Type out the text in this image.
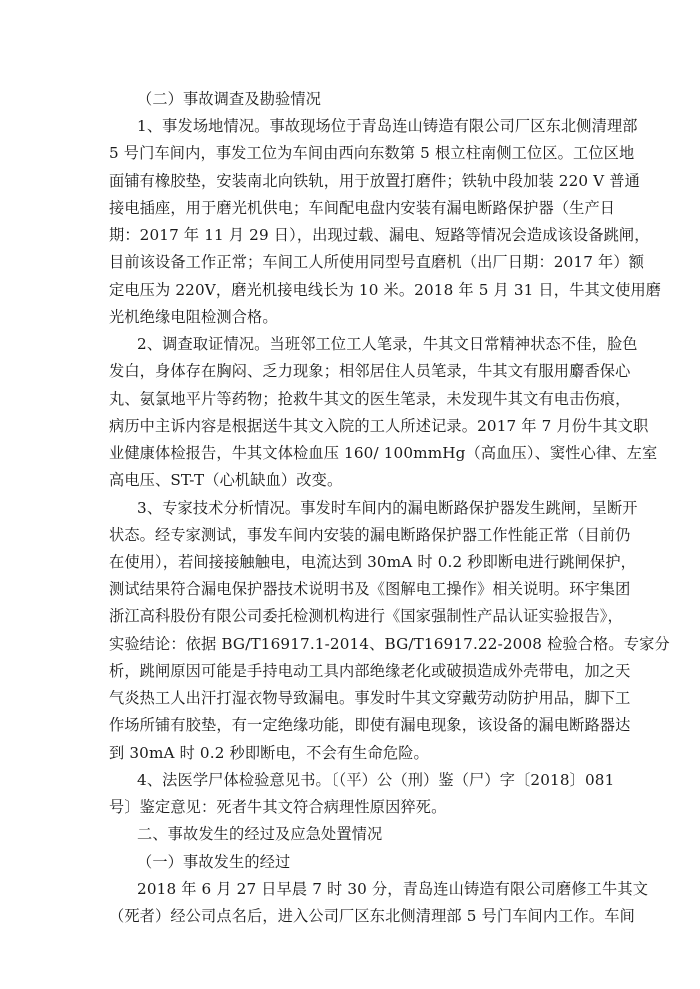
（二）事故调查及勘验情况
1、事发场地情况。事故现场位于青岛连山铸造有限公司厂区东北侧清理部
5 号门车间内，事发工位为车间由西向东数第 5 根立柱南侧工位区。工位区地
面铺有橡胶垫，安装南北向铁轨，用于放置打磨件；铁轨中段加装 220 V 普通
接电插座，用于磨光机供电；车间配电盘内安装有漏电断路保护器（生产日
期：2017 年 11 月 29 日），出现过载、漏电、短路等情况会造成该设备跳闸，
目前该设备工作正常；车间工人所使用同型号直磨机（出厂日期：2017 年）额
定电压为 220V，磨光机接电线长为 10 米。2018 年 5 月 31 日，牛其文使用磨
光机绝缘电阻检测合格。
2、调查取证情况。当班邻工位工人笔录，牛其文日常精神状态不佳，脸色
发白，身体存在胸闷、乏力现象；相邻居住人员笔录，牛其文有服用麝香保心
丸、氨氯地平片等药物；抢救牛其文的医生笔录，未发现牛其文有电击伤痕，
病历中主诉内容是根据送牛其文入院的工人所述记录。2017 年 7 月份牛其文职
业健康体检报告，牛其文体检血压 160/ 100mmHg（高血压）、窦性心律、左室
高电压、ST-T（心机缺血）改变。
3、专家技术分析情况。事发时车间内的漏电断路保护器发生跳闸，呈断开
状态。经专家测试，事发车间内安装的漏电断路保护器工作性能正常（目前仍
在使用），若间接接触触电，电流达到 30mA 时 0.2 秒即断电进行跳闸保护，
测试结果符合漏电保护器技术说明书及《图解电工操作》相关说明。环宇集团
浙江高科股份有限公司委托检测机构进行《国家强制性产品认证实验报告》，
实验结论：依据 BG/T16917.1-2014、BG/T16917.22-2008 检验合格。专家分
析，跳闸原因可能是手持电动工具内部绝缘老化或破损造成外壳带电，加之天
气炎热工人出汗打湿衣物导致漏电。事发时牛其文穿戴劳动防护用品，脚下工
作场所铺有胶垫，有一定绝缘功能，即使有漏电现象，该设备的漏电断路器达
到 30mA 时 0.2 秒即断电，不会有生命危险。
4、法医学尸体检验意见书。〔（平）公（刑）鉴（尸）字〔2018〕081
号〕鉴定意见：死者牛其文符合病理性原因猝死。
二、事故发生的经过及应急处置情况
（一）事故发生的经过
2018 年 6 月 27 日早晨 7 时 30 分，青岛连山铸造有限公司磨修工牛其文
（死者）经公司点名后，进入公司厂区东北侧清理部 5 号门车间内工作。车间
